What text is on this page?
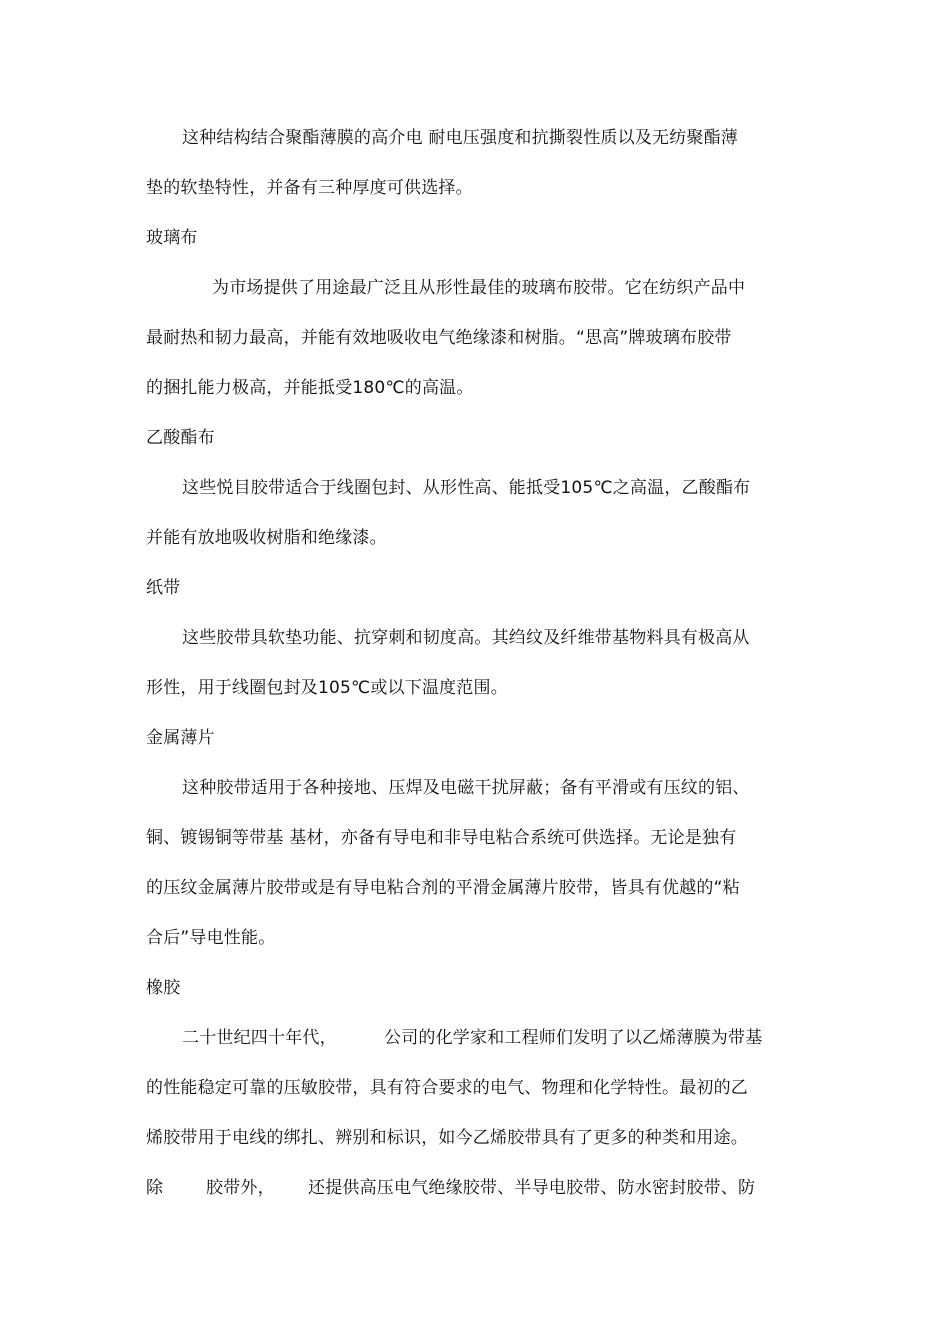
这种结构结合聚酯薄膜的高介电 耐电压强度和抗撕裂性质以及无纺聚酯薄
垫的软垫特性，并备有三种厚度可供选择。
玻璃布
为市场提供了用途最广泛且从形性最佳的玻璃布胶带。它在纺织产品中
最耐热和韧力最高，并能有效地吸收电气绝缘漆和树脂。“思高”牌玻璃布胶带
的捆扎能力极高，并能抵受180℃的高温。
乙酸酯布
这些悦目胶带适合于线圈包封、从形性高、能抵受105℃之高温，乙酸酯布
并能有放地吸收树脂和绝缘漆。
纸带
这些胶带具软垫功能、抗穿刺和韧度高。其绉纹及纤维带基物料具有极高从
形性，用于线圈包封及105℃或以下温度范围。
金属薄片
这种胶带适用于各种接地、压焊及电磁干扰屏蔽；备有平滑或有压纹的铝、
铜、镀锡铜等带基 基材，亦备有导电和非导电粘合系统可供选择。无论是独有
的压纹金属薄片胶带或是有导电粘合剂的平滑金属薄片胶带，皆具有优越的“粘
合后”导电性能。
橡胶
二十世纪四十年代，	公司的化学家和工程师们发明了以乙烯薄膜为带基
的性能稳定可靠的压敏胶带，具有符合要求的电气、物理和化学特性。最初的乙
烯胶带用于电线的绑扎、辨别和标识，如今乙烯胶带具有了更多的种类和用途。
除	胶带外， 还提供高压电气绝缘胶带、半导电胶带、防水密封胶带、防
